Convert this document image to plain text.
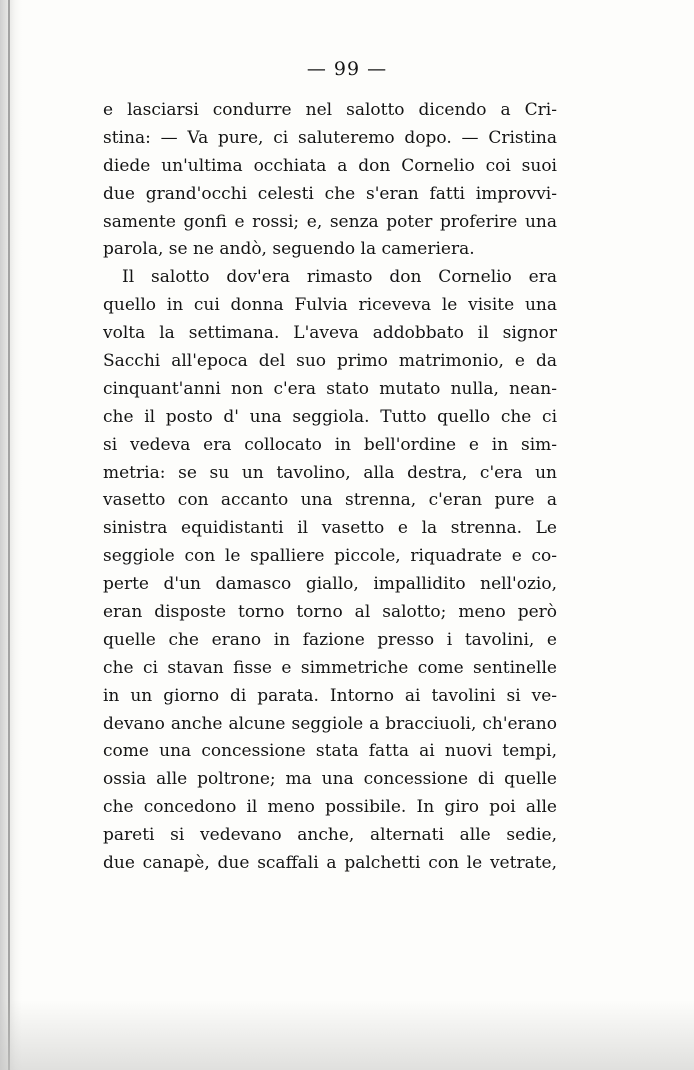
— 99 —
e lasciarsi condurre nel salotto dicendo a Cri-
stina: — Va pure, ci saluteremo dopo. — Cristina
diede un'ultima occhiata a don Cornelio coi suoi
due grand'occhi celesti che s'eran fatti improvvi-
samente gonfi e rossi; e, senza poter proferire una
parola, se ne andò, seguendo la cameriera.
Il salotto dov'era rimasto don Cornelio era
quello in cui donna Fulvia riceveva le visite una
volta la settimana. L'aveva addobbato il signor
Sacchi all'epoca del suo primo matrimonio, e da
cinquant'anni non c'era stato mutato nulla, nean-
che il posto d' una seggiola. Tutto quello che ci
si vedeva era collocato in bell'ordine e in sim-
metria: se su un tavolino, alla destra, c'era un
vasetto con accanto una strenna, c'eran pure a
sinistra equidistanti il vasetto e la strenna. Le
seggiole con le spalliere piccole, riquadrate e co-
perte d'un damasco giallo, impallidito nell'ozio,
eran disposte torno torno al salotto; meno però
quelle che erano in fazione presso i tavolini, e
che ci stavan fisse e simmetriche come sentinelle
in un giorno di parata. Intorno ai tavolini si ve-
devano anche alcune seggiole a bracciuoli, ch'erano
come una concessione stata fatta ai nuovi tempi,
ossia alle poltrone; ma una concessione di quelle
che concedono il meno possibile. In giro poi alle
pareti si vedevano anche, alternati alle sedie,
due canapè, due scaffali a palchetti con le vetrate,
